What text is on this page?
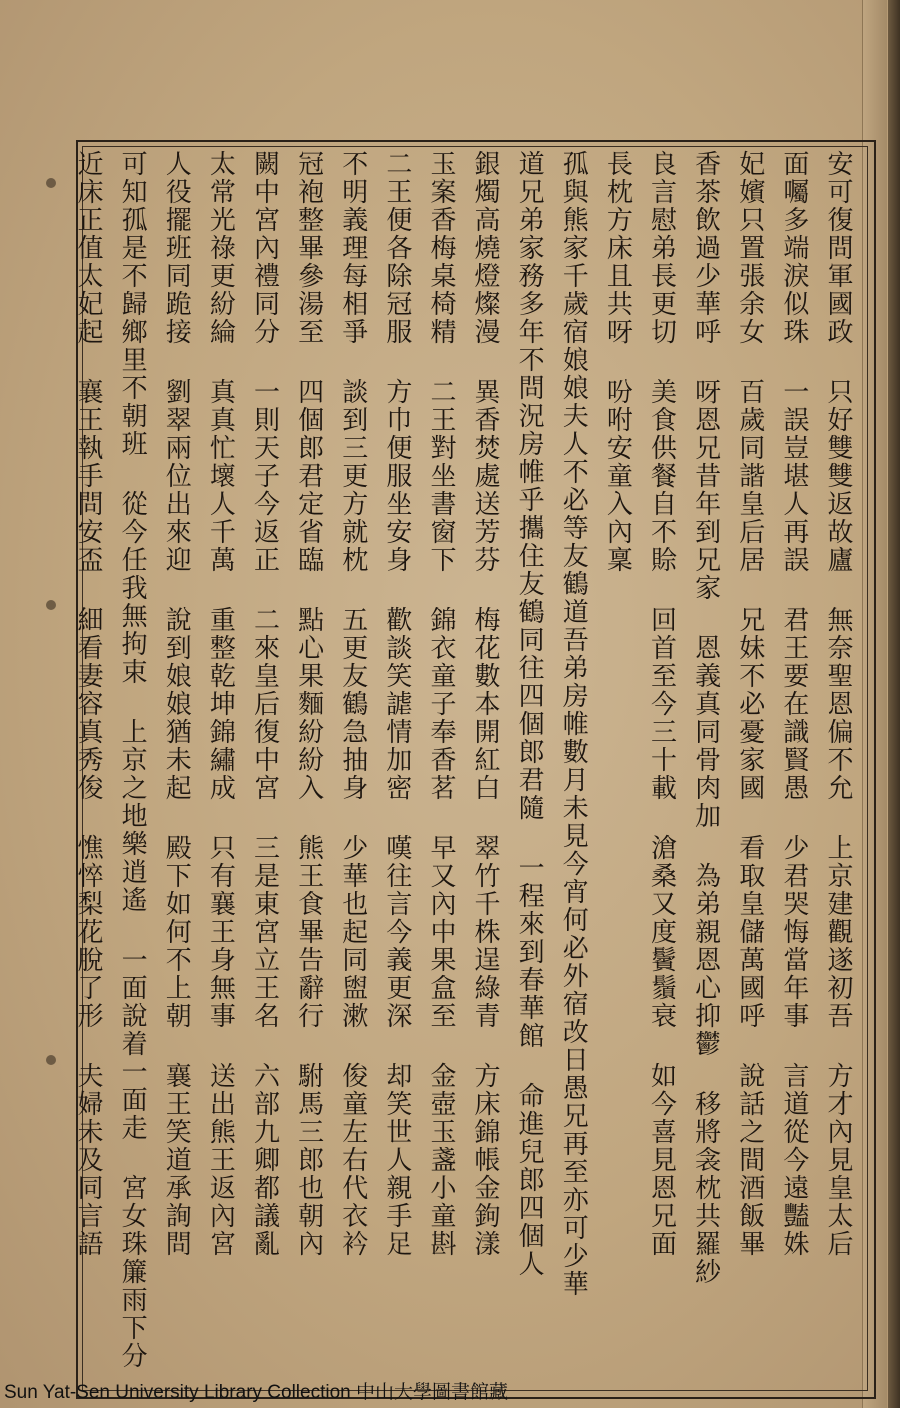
安可復問軍國政 只好雙雙返故廬 無奈聖恩偏不允 上京建觀遂初吾 方才內見皇太后
面囑多端淚似珠 一誤豈堪人再誤 君王要在識賢愚 少君哭悔當年事 言道從今遠豔姝
妃嬪只置張余女 百歲同諧皇后居 兄妹不必憂家國 看取皇儲萬國呼 說話之間酒飯畢
香茶飲過少華呼 呀恩兄昔年到兄家 恩義真同骨肉加 為弟親恩心抑鬱 移將衾枕共羅紗
良言慰弟長更切 美食供餐自不賒 回首至今三十載 滄桑又度鬢鬚衰 如今喜見恩兄面
長枕方床且共呀 吩咐安童入內稟
孤與熊家千歲宿娘娘夫人不必等友鶴道吾弟房帷數月未見今宵何必外宿改日愚兄再至亦可少華
道兄弟家務多年不問況房帷乎攜住友鶴同往四個郎君隨 一程來到春華館 命進兒郎四個人
銀燭高燒燈燦漫 異香焚處送芳芬 梅花數本開紅白 翠竹千株逞綠青 方床錦帳金鉤漾
玉案香梅桌椅精 二王對坐書窗下 錦衣童子奉香茗 早又內中果盒至 金壺玉盞小童斟
二王便各除冠服 方巾便服坐安身 歡談笑謔情加密 嘆往言今義更深 却笑世人親手足
不明義理每相爭 談到三更方就枕 五更友鶴急抽身 少華也起同盥漱 俊童左右代衣衿
冠袍整畢參湯至 四個郎君定省臨 點心果麵紛紛入 熊王食畢告辭行 駙馬三郎也朝內
闕中宮內禮同分 一則天子今返正 二來皇后復中宮 三是東宮立王名 六部九卿都議亂
太常光祿更紛綸 真真忙壞人千萬 重整乾坤錦繡成 只有襄王身無事 送出熊王返內宮
人役擺班同跪接 劉翠兩位出來迎 說到娘娘猶未起 殿下如何不上朝 襄王笑道承詢問
可知孤是不歸鄉里不朝班 從今任我無拘束 上京之地樂逍遙 一面說着一面走 宮女珠簾雨下分
近床正值太妃起 襄王執手問安盃 細看妻容真秀俊 憔悴梨花脫了形 夫婦未及同言語
Sun Yat-Sen University Library Collection 中山大學圖書館藏
